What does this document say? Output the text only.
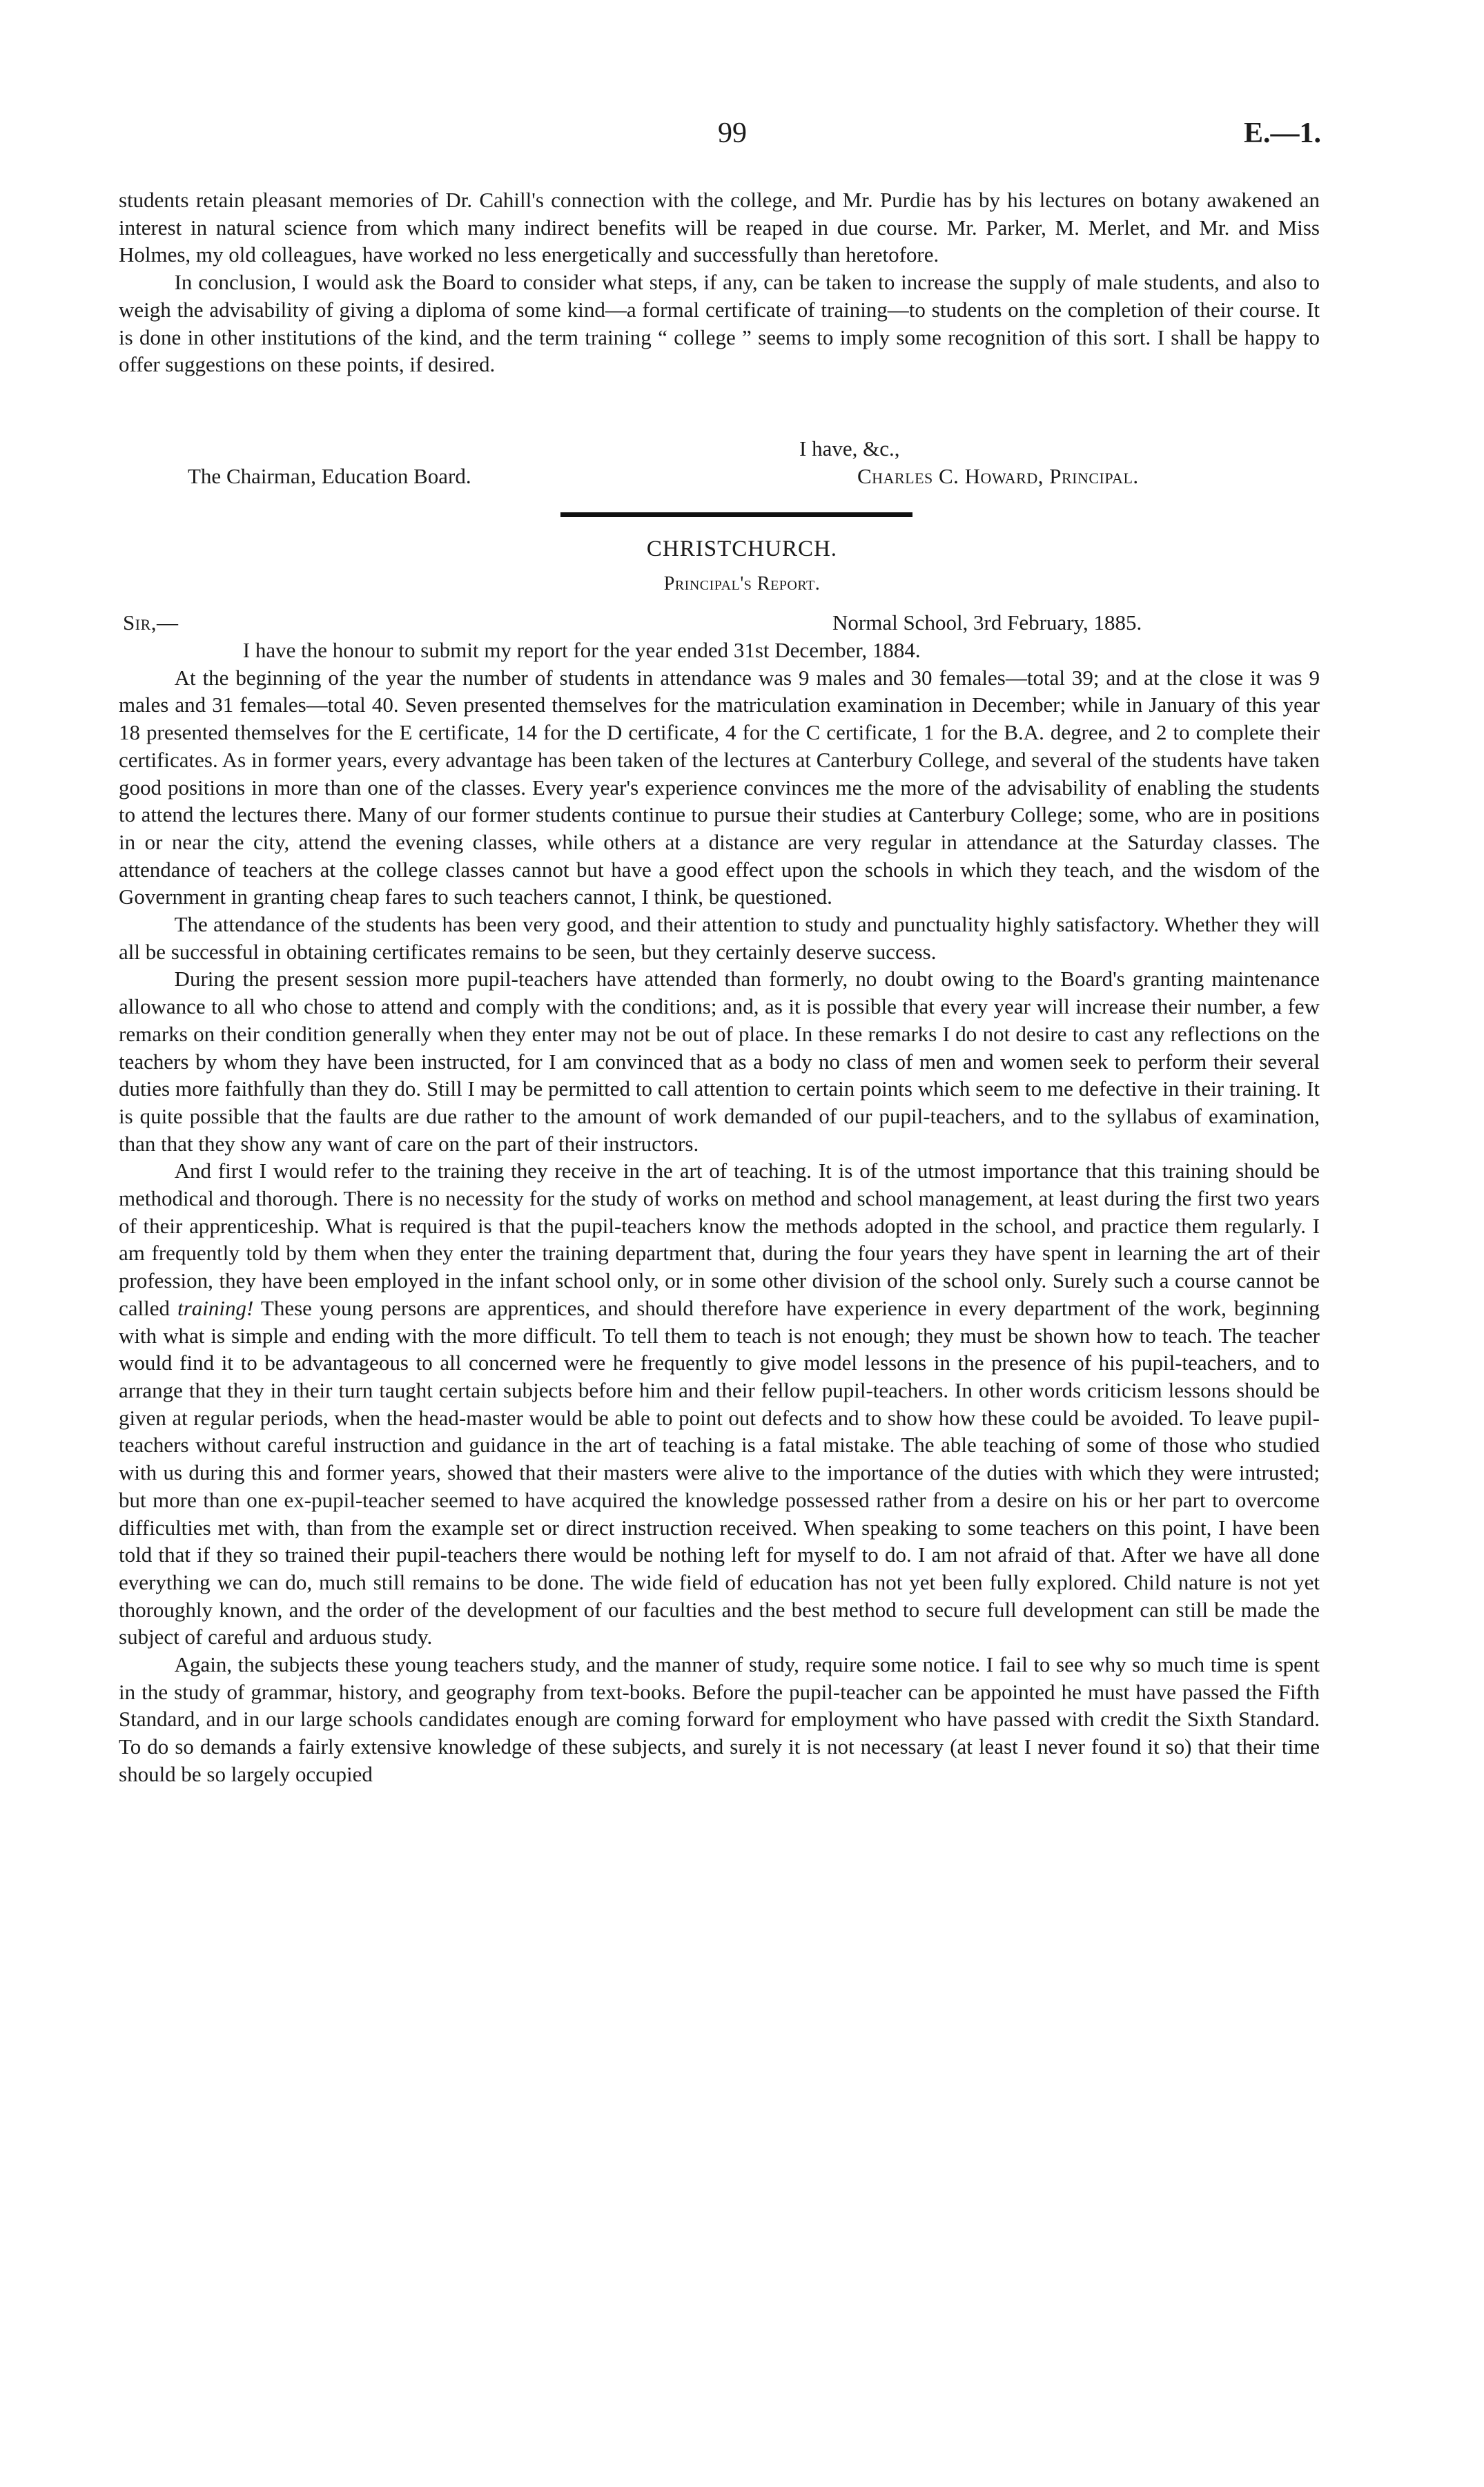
99	E.—1.

students retain pleasant memories of Dr. Cahill's connection with the college, and Mr. Purdie has by his lectures on botany awakened an interest in natural science from which many indirect benefits will be reaped in due course. Mr. Parker, M. Merlet, and Mr. and Miss Holmes, my old colleagues, have worked no less energetically and successfully than heretofore.

In conclusion, I would ask the Board to consider what steps, if any, can be taken to increase the supply of male students, and also to weigh the advisability of giving a diploma of some kind—a formal certificate of training—to students on the completion of their course. It is done in other institutions of the kind, and the term training “ college ” seems to imply some recognition of this sort. I shall be happy to offer suggestions on these points, if desired.

I have, &c.,
The Chairman, Education Board.	Charles C. Howard, Principal.
CHRISTCHURCH.
Principal's Report.
Sir,—	Normal School, 3rd February, 1885.

I have the honour to submit my report for the year ended 31st December, 1884.

At the beginning of the year the number of students in attendance was 9 males and 30 females—total 39; and at the close it was 9 males and 31 females—total 40. Seven presented themselves for the matriculation examination in December; while in January of this year 18 presented themselves for the E certificate, 14 for the D certificate, 4 for the C certificate, 1 for the B.A. degree, and 2 to complete their certificates. As in former years, every advantage has been taken of the lectures at Canterbury College, and several of the students have taken good positions in more than one of the classes. Every year's experience convinces me the more of the advisability of enabling the students to attend the lectures there. Many of our former students continue to pursue their studies at Canterbury College; some, who are in positions in or near the city, attend the evening classes, while others at a distance are very regular in attendance at the Saturday classes. The attendance of teachers at the college classes cannot but have a good effect upon the schools in which they teach, and the wisdom of the Government in granting cheap fares to such teachers cannot, I think, be questioned.

The attendance of the students has been very good, and their attention to study and punctuality highly satisfactory. Whether they will all be successful in obtaining certificates remains to be seen, but they certainly deserve success.

During the present session more pupil-teachers have attended than formerly, no doubt owing to the Board's granting maintenance allowance to all who chose to attend and comply with the conditions; and, as it is possible that every year will increase their number, a few remarks on their condition generally when they enter may not be out of place. In these remarks I do not desire to cast any reflections on the teachers by whom they have been instructed, for I am convinced that as a body no class of men and women seek to perform their several duties more faithfully than they do. Still I may be permitted to call attention to certain points which seem to me defective in their training. It is quite possible that the faults are due rather to the amount of work demanded of our pupil-teachers, and to the syllabus of examination, than that they show any want of care on the part of their instructors.

And first I would refer to the training they receive in the art of teaching. It is of the utmost importance that this training should be methodical and thorough. There is no necessity for the study of works on method and school management, at least during the first two years of their apprenticeship. What is required is that the pupil-teachers know the methods adopted in the school, and practice them regularly. I am frequently told by them when they enter the training department that, during the four years they have spent in learning the art of their profession, they have been employed in the infant school only, or in some other division of the school only. Surely such a course cannot be called training! These young persons are apprentices, and should therefore have experience in every department of the work, beginning with what is simple and ending with the more difficult. To tell them to teach is not enough; they must be shown how to teach. The teacher would find it to be advantageous to all concerned were he frequently to give model lessons in the presence of his pupil-teachers, and to arrange that they in their turn taught certain subjects before him and their fellow pupil-teachers. In other words criticism lessons should be given at regular periods, when the head-master would be able to point out defects and to show how these could be avoided. To leave pupil-teachers without careful instruction and guidance in the art of teaching is a fatal mistake. The able teaching of some of those who studied with us during this and former years, showed that their masters were alive to the importance of the duties with which they were intrusted; but more than one ex-pupil-teacher seemed to have acquired the knowledge possessed rather from a desire on his or her part to overcome difficulties met with, than from the example set or direct instruction received. When speaking to some teachers on this point, I have been told that if they so trained their pupil-teachers there would be nothing left for myself to do. I am not afraid of that. After we have all done everything we can do, much still remains to be done. The wide field of education has not yet been fully explored. Child nature is not yet thoroughly known, and the order of the development of our faculties and the best method to secure full development can still be made the subject of careful and arduous study.

Again, the subjects these young teachers study, and the manner of study, require some notice. I fail to see why so much time is spent in the study of grammar, history, and geography from text-books. Before the pupil-teacher can be appointed he must have passed the Fifth Standard, and in our large schools candidates enough are coming forward for employment who have passed with credit the Sixth Standard. To do so demands a fairly extensive knowledge of these subjects, and surely it is not necessary (at least I never found it so) that their time should be so largely occupied
